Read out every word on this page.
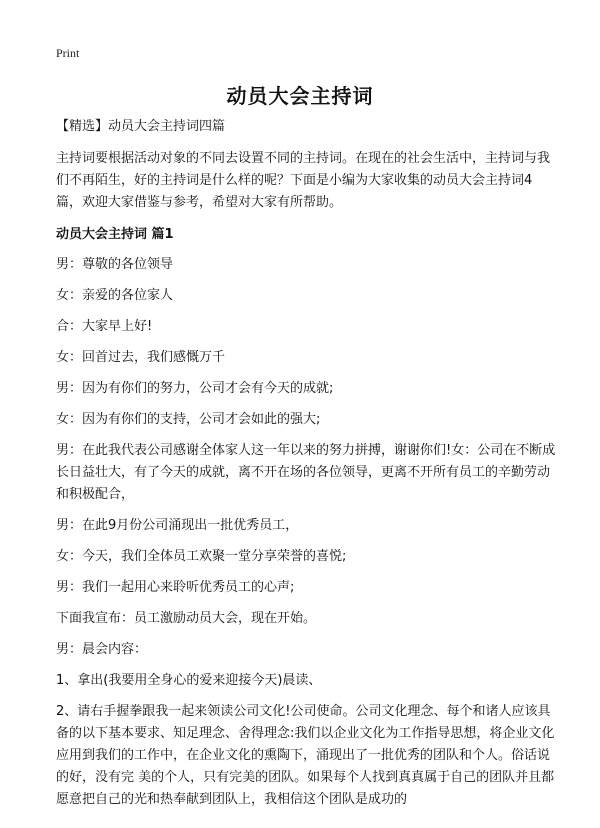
Print
动员大会主持词

【精选】动员大会主持词四篇

主持词要根据活动对象的不同去设置不同的主持词。在现在的社会生活中，主持词与我们不再陌生，好的主持词是什么样的呢？下面是小编为大家收集的动员大会主持词4篇，欢迎大家借鉴与参考，希望对大家有所帮助。

动员大会主持词 篇1

男：尊敬的各位领导

女：亲爱的各位家人

合：大家早上好!

女：回首过去，我们感慨万千

男：因为有你们的努力，公司才会有今天的成就;

女：因为有你们的支持，公司才会如此的强大;

男：在此我代表公司感谢全体家人这一年以来的努力拼搏，谢谢你们!女：公司在不断成长日益壮大，有了今天的成就，离不开在场的各位领导，更离不开所有员工的辛勤劳动和积极配合，

男：在此9月份公司涌现出一批优秀员工，

女：今天，我们全体员工欢聚一堂分享荣誉的喜悦;

男：我们一起用心来聆听优秀员工的心声;

下面我宣布：员工激励动员大会，现在开始。

男：晨会内容：

1、拿出(我要用全身心的爱来迎接今天)晨读、

2、请右手握拳跟我一起来领读公司文化!公司使命。公司文化理念、每个和诸人应该具备的以下基本要求、知足理念、舍得理念:我们以企业文化为工作指导思想，将企业文化应用到我们的工作中，在企业文化的熏陶下，涌现出了一批优秀的团队和个人。俗话说的好，没有完 美的个人，只有完美的团队。如果每个人找到真真属于自己的团队并且都愿意把自己的光和热奉献到团队上，我相信这个团队是成功的
